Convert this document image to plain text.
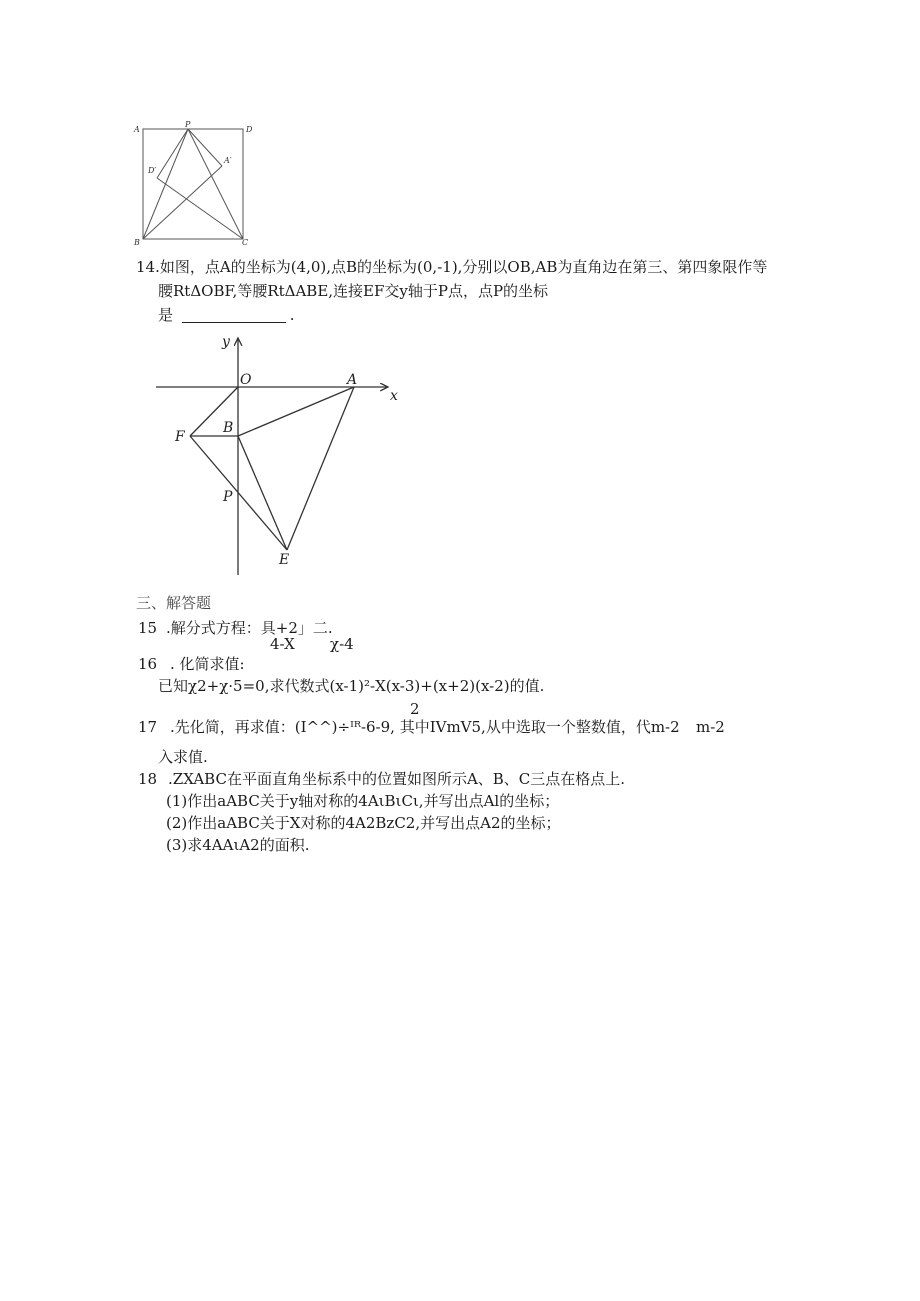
A
P
D
D′
A′
B	C
14.如图，点A的坐标为(4,0),点B的坐标为(0,-1),分别以OB,AB为直角边在第三、第四象限作等
腰RtΔOBF,等腰RtΔABE,连接EF交y轴于P点，点P的坐标
是	.
y
x
O	A
F
B
P
E
三、解答题
15 .解分式方程：具+2」二.
4-X χ-4
16 . 化简求值:
已知χ2+χ·5=0,求代数式(x-1)²-X(x-3)+(x+2)(x-2)的值.
2
17 .先化简，再求值：(I^^)÷ᴵᴿ-6-9, 其中IVmV5,从中选取一个整数值，代m-2 m-2
入求值.
18 .ZXABC在平面直角坐标系中的位置如图所示A、B、C三点在格点上.
(1)作出aABC关于y轴对称的4AιBιCι,并写出点Al的坐标；
(2)作出aABC关于X对称的4A2BzC2,并写出点A2的坐标；
(3)求4AAιA2的面积.
